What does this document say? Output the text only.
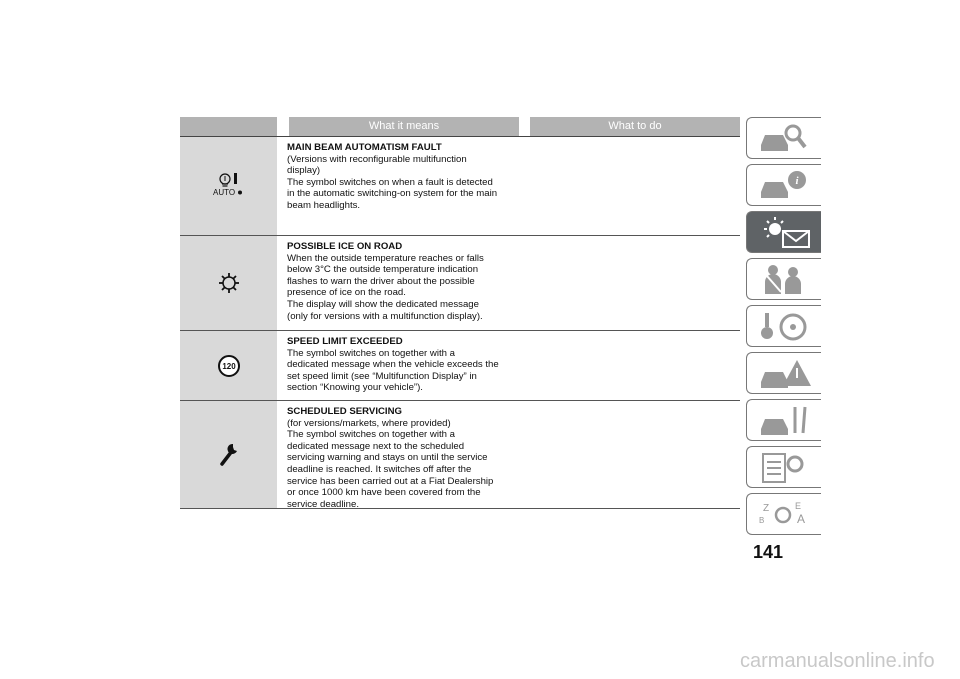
What it means	What to do
AUTO
MAIN BEAM AUTOMATISM FAULT

(Versions with reconfigurable multifunction

display)

The symbol switches on when a fault is detected

in the automatic switching-on system for the main

beam headlights.

POSSIBLE ICE ON ROAD

When the outside temperature reaches or falls

below 3°C the outside temperature indication

flashes to warn the driver about the possible

presence of ice on the road.

The display will show the dedicated message

(only for versions with a multifunction display).

120
SPEED LIMIT EXCEEDED

The symbol switches on together with a

dedicated message when the vehicle exceeds the

set speed limit (see “Multifunction Display” in

section “Knowing your vehicle”).

SCHEDULED SERVICING

(for versions/markets, where provided)

The symbol switches on together with a

dedicated message next to the scheduled

servicing warning and stays on until the service

deadline is reached. It switches off after the

service has been carried out at a Fiat Dealership

or once 1000 km have been covered from the

service deadline.

i
Z	E
A
B
141
carmanualsonline.info
